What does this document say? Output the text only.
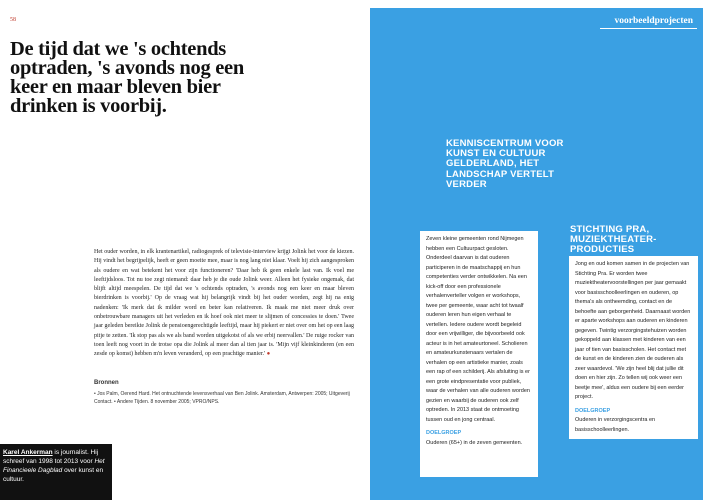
58
De tijd dat we 's ochtends optraden, 's avonds nog een keer en maar bleven bier drinken is voorbij.
Het ouder worden, in elk krantenartikel, radiogesprek of televisie-interview krijgt Jolink het voor de kiezen. Hij vindt het begrijpelijk, heeft er geen moeite mee, maar is nog lang niet klaar. Voelt hij zich aangesproken als oudere en wat betekent het voor zijn functioneren? 'Daar heb ik geen enkele last van. Ik voel me leeftijdsloos. Tot nu toe zegt niemand: daar heb je die oude Jolink weer. Alleen het fysieke ongemak, dat blijft altijd meespelen. De tijd dat we 's ochtends optraden, 's avonds nog een keer en maar bleven bierdrinken is voorbij.' Op de vraag wat hij belangrijk vindt bij het ouder worden, zegt hij na enig nadenken: 'Ik merk dat ik milder word en beter kan relativeren. Ik maak me niet meer druk over onbetrouwbare managers uit het verleden en ik hoef ook niet meer te slijmen of concessies te doen.' Twee jaar geleden bereikte Jolink de pensioengerechtigde leeftijd, maar hij piekert er niet over om het op een laag pitje te zetten. 'Ik stop pas als we als band worden uitgekotst of als we erbij neervallen.' De ruige rocker van toen leeft nog voort in de trotse opa die Jolink al meer dan al tien jaar is. 'Mijn vijf kleinkinderen (en een zesde op komst) hebben m'n leven veranderd, op een prachtige manier.' ●
Bronnen
• Jos Palm, Oerend Hard. Het ontnuchtende levensverhaal van Ben Jolink. Amsterdam, Antwerpen: 2005; Uitgeverij Contact. • Andere Tijden. 8 november 2005; VPRO/NPS.
Karel Ankerman is journalist. Hij schreef van 1998 tot 2013 voor Het Financieele Dagblad over kunst en cultuur.
voorbeeldprojecten
Zeven kleine gemeenten rond Nijmegen hebben een Cultuurpact gesloten. Onderdeel daarvan is dat ouderen participeren in de maatschappij en hun competenties verder ontwikkelen. Na een kick-off door een professionele verhalenverteller volgen er workshops, twee per gemeente, waar acht tot twaalf ouderen leren hun eigen verhaal te vertellen. Iedere oudere wordt begeleid door een vrijwilliger, die bijvoorbeeld ook acteur is in het amateurtoneel. Scholieren en amateurkunstenaars vertalen de verhalen op een artistieke manier, zoals een rap of een schilderij. Als afsluiting is er een grote eindpresentatie voor publiek, waar de verhalen van alle ouderen worden gezien en waarbij de ouderen ook zelf optreden. In 2013 staat de ontmoeting tussen oud en jong centraal.
DOELGROEP
Ouderen (65+) in de zeven gemeenten.
KENNISCENTRUM VOOR KUNST EN CULTUUR GELDERLAND, HET LANDSCHAP VERTELT VERDER
STICHTING PRA, MUZIEKTHEATER-PRODUCTIES
Jong en oud komen samen in de projecten van Stichting Pra. Er worden twee muziektheatervoorstellingen per jaar gemaakt voor basisschoolleerlingen en ouderen, op thema's als ontheemding, contact en de behoefte aan geborgenheid. Daarnaast worden er aparte workshops aan ouderen en kinderen gegeven. Twintig verzorgingstehuizen worden gekoppeld aan klassen met kinderen van een jaar of tien van basisscholen. Het contact met de kunst en de kinderen zien de ouderen als zeer waardevol. 'We zijn heel blij dat jullie dit doen en hier zijn. Zo tellen wij ook weer een beetje mee', aldus een oudere bij een eerder project.
DOELGROEP
Ouderen in verzorgingscentra en basisschoolleerlingen.
